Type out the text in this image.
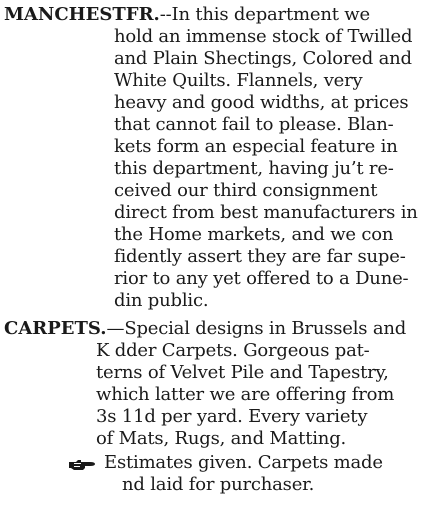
MANCHESTFR.--In this department we
hold an immense stock of Twilled
and Plain Shectings, Colored and
White Quilts. Flannels, very
heavy and good widths, at prices
that cannot fail to please. Blan-
kets form an especial feature in
this department, having ju’t re-
ceived our third consignment
direct from best manufacturers in
the Home markets, and we con
fidently assert they are far supe-
rior to any yet offered to a Dune-
din public.
CARPETS.—Special designs in Brussels and
K dder Carpets. Gorgeous pat-
terns of Velvet Pile and Tapestry,
which latter we are offering from
3s 11d per yard. Every variety
of Mats, Rugs, and Matting.
Estimates given. Carpets made
nd laid for purchaser.
